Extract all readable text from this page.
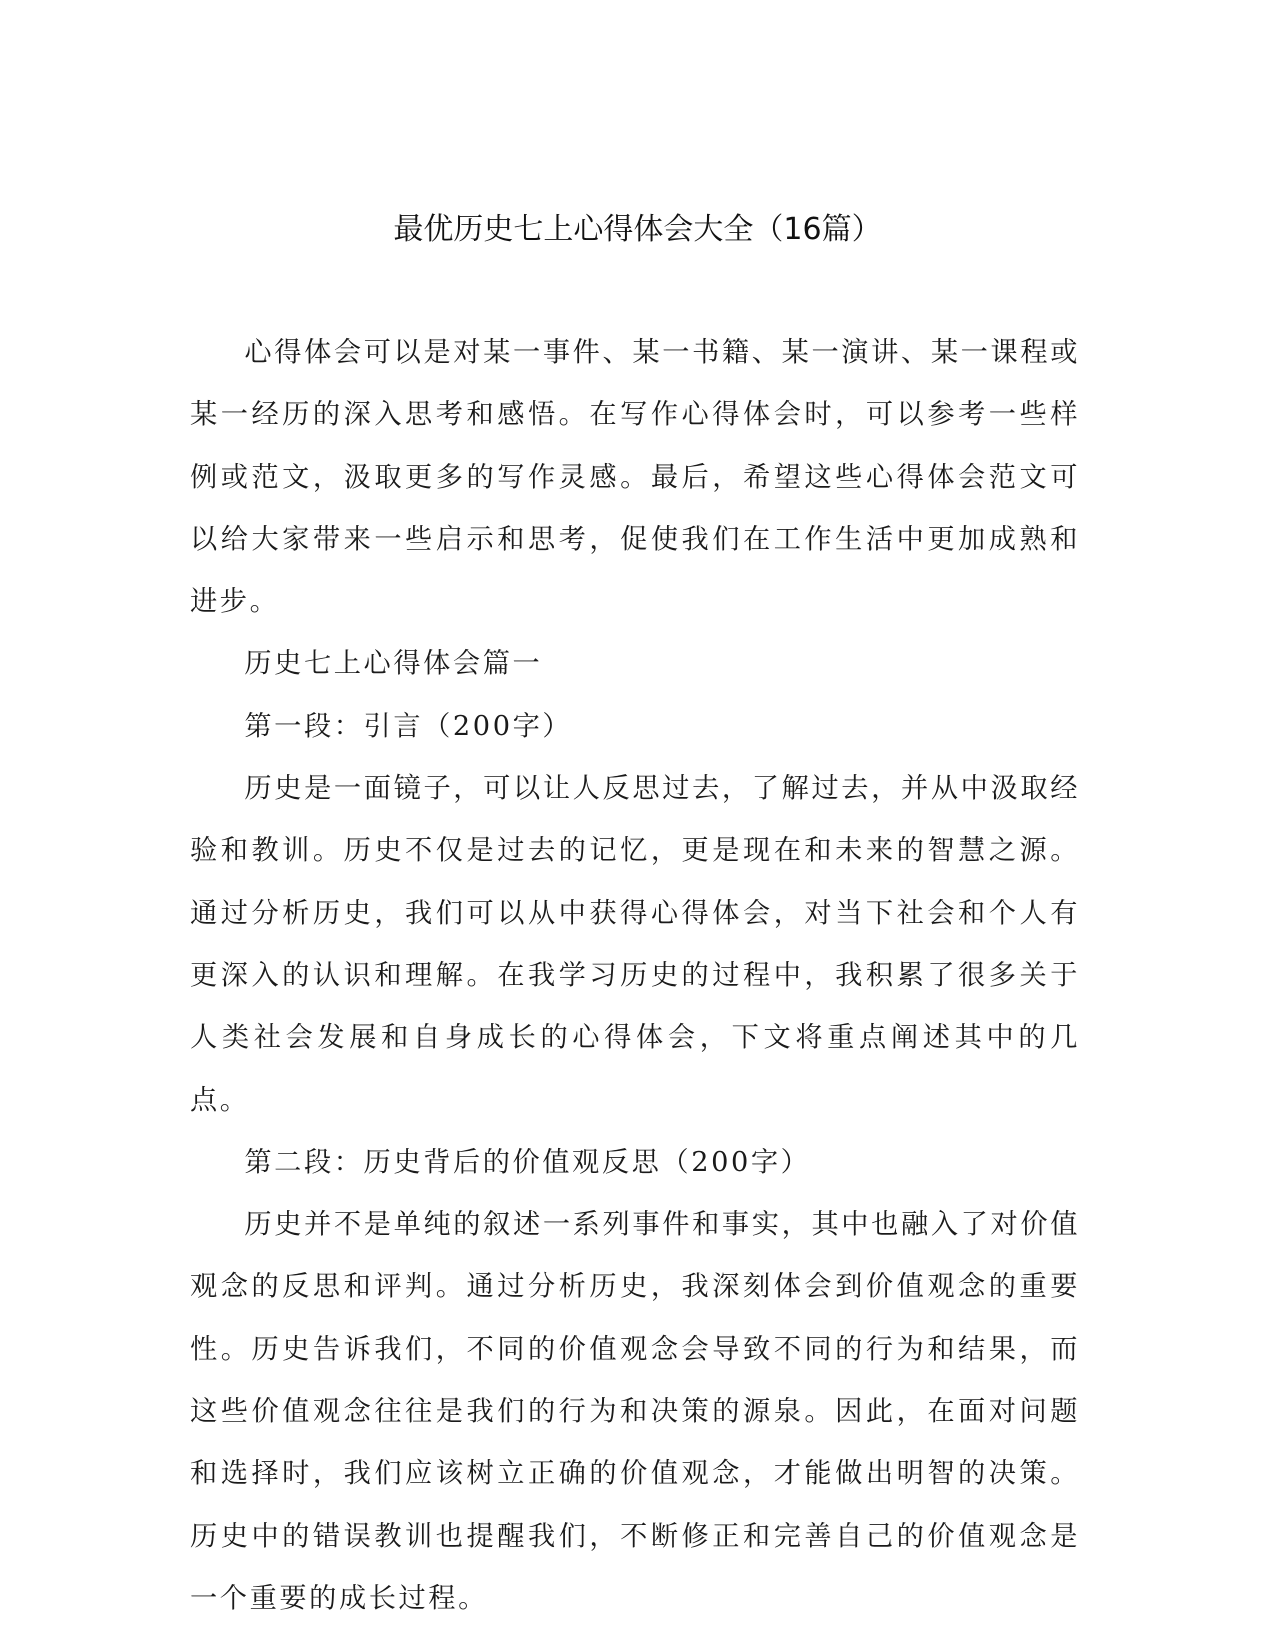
最优历史七上心得体会大全（16篇）

心得体会可以是对某一事件、某一书籍、某一演讲、某一课程或某一经历的深入思考和感悟。在写作心得体会时，可以参考一些样例或范文，汲取更多的写作灵感。最后，希望这些心得体会范文可以给大家带来一些启示和思考，促使我们在工作生活中更加成熟和进步。

历史七上心得体会篇一

第一段：引言（200字）

历史是一面镜子，可以让人反思过去，了解过去，并从中汲取经验和教训。历史不仅是过去的记忆，更是现在和未来的智慧之源。通过分析历史，我们可以从中获得心得体会，对当下社会和个人有更深入的认识和理解。在我学习历史的过程中，我积累了很多关于人类社会发展和自身成长的心得体会，下文将重点阐述其中的几点。

第二段：历史背后的价值观反思（200字）

历史并不是单纯的叙述一系列事件和事实，其中也融入了对价值观念的反思和评判。通过分析历史，我深刻体会到价值观念的重要性。历史告诉我们，不同的价值观念会导致不同的行为和结果，而这些价值观念往往是我们的行为和决策的源泉。因此，在面对问题和选择时，我们应该树立正确的价值观念，才能做出明智的决策。历史中的错误教训也提醒我们，不断修正和完善自己的价值观念是一个重要的成长过程。
